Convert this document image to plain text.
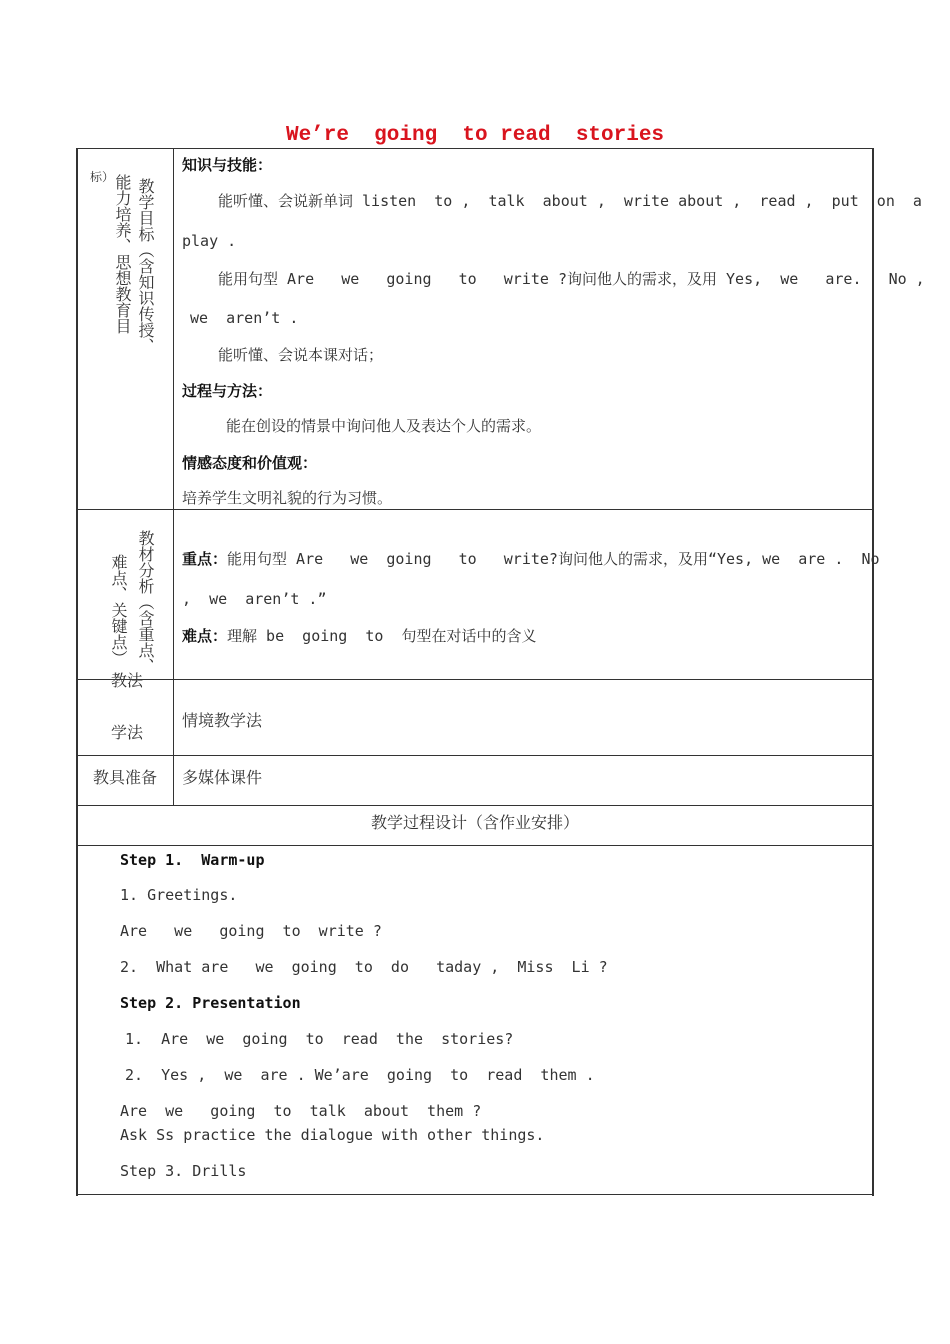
We’re  going  to read  stories
标）
能力培养、思想教育目 教学目标（含知识传授、
知识与技能：
能听懂、会说新单词 listen  to ,  talk  about ,  write about ,  read ,  put  on  a
play .
能用句型 Are   we   going   to   write ?询问他人的需求，及用 Yes,  we   are.   No ,
we  aren’t .
能听懂、会说本课对话；
过程与方法：
能在创设的情景中询问他人及表达个人的需求。
情感态度和价值观：
培养学生文明礼貌的行为习惯。
难点、关键点） 教材分析（含重点、 重点：能用句型 Are   we  going   to   write?询问他人的需求，及用“Yes, we  are .  No
,  we  aren’t .”
难点：理解 be  going  to  句型在对话中的含义
教法
学法
情境教学法
教具准备 多媒体课件
教学过程设计（含作业安排）
Step 1.  Warm-up
1. Greetings.
Are   we   going  to  write ?
2.  What are   we  going  to  do   taday ,  Miss  Li ?
Step 2. Presentation
1.  Are  we  going  to  read  the  stories?
2.  Yes ,  we  are . We’are  going  to  read  them .
Are  we   going  to  talk  about  them ?
Ask Ss practice the dialogue with other things.
Step 3. Drills
